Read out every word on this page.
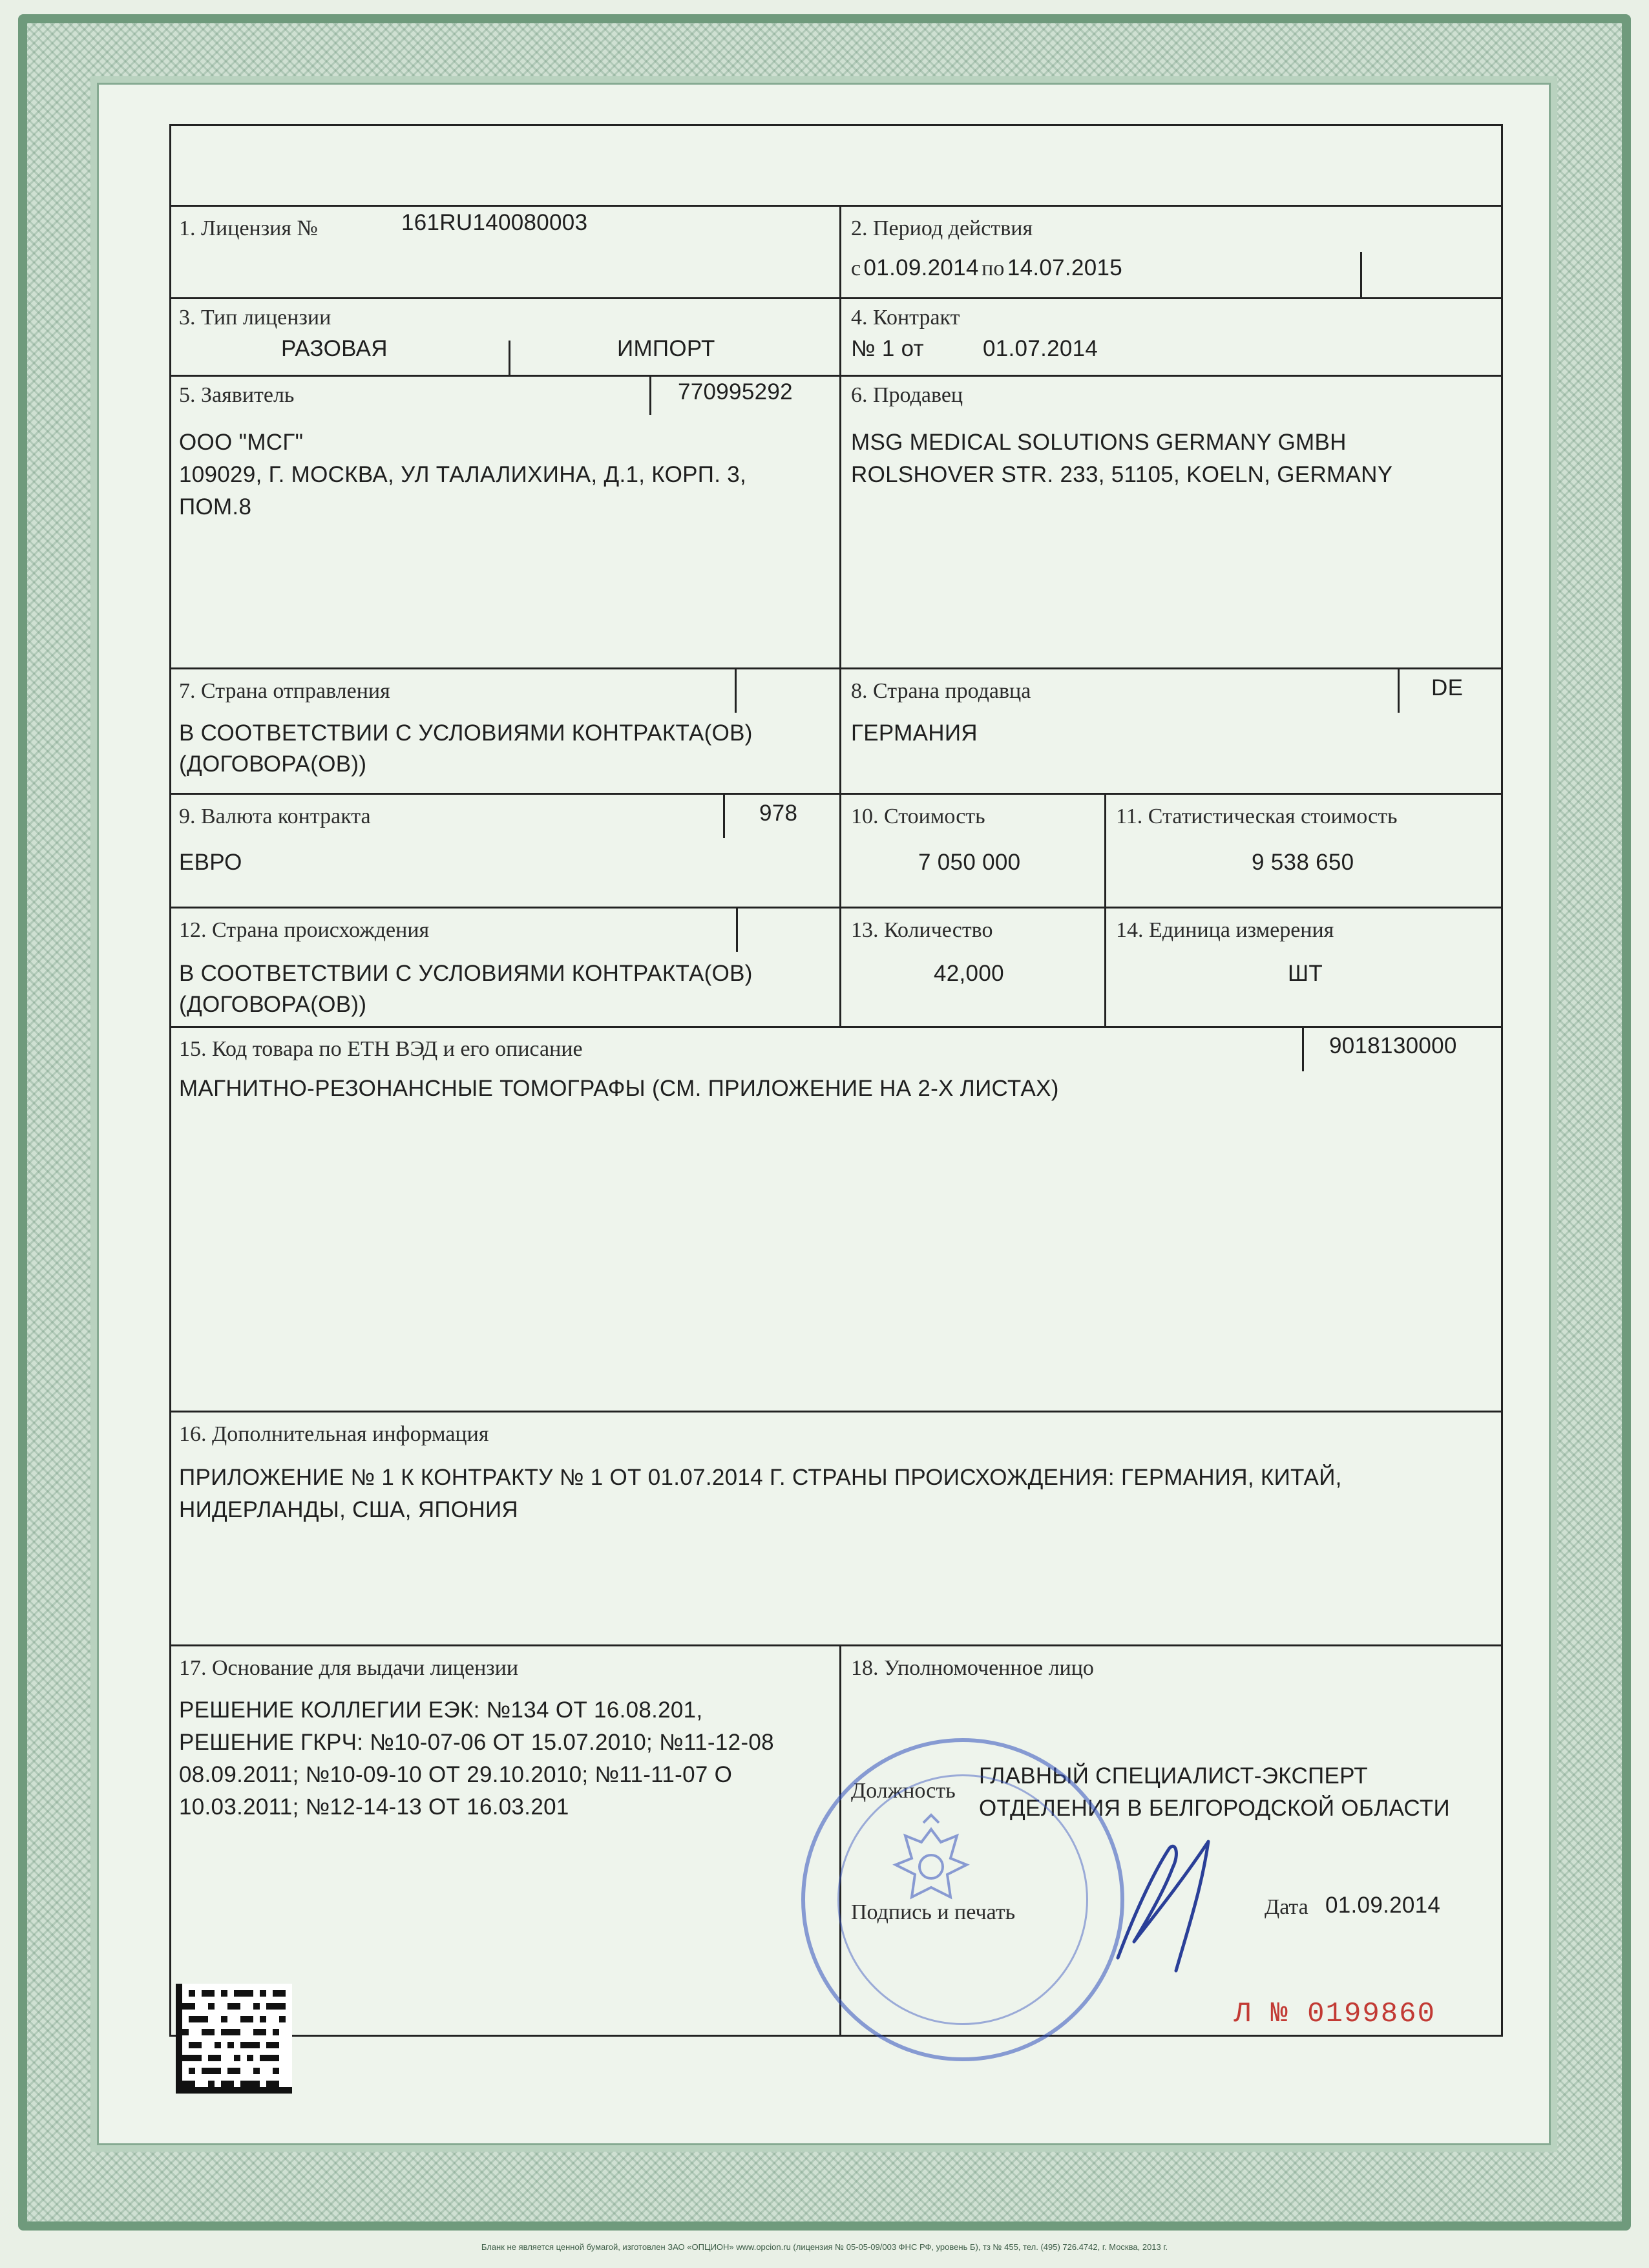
1. Лицензия №	161RU140080003	2. Период действия
с 01.09.2014 по 14.07.2015
3. Тип лицензии
РАЗОВАЯ	ИМПОРТ
4. Контракт
№ 1 от	01.07.2014
5. Заявитель	770995292
ООО "МСГ"
109029, Г. МОСКВА, УЛ ТАЛАЛИХИНА, Д.1, КОРП. 3,
ПОМ.8
6. Продавец
MSG MEDICAL SOLUTIONS GERMANY GMBH
ROLSHOVER STR. 233, 51105, KOELN, GERMANY
7. Страна отправления
В СООТВЕТСТВИИ С УСЛОВИЯМИ КОНТРАКТА(ОВ)
(ДОГОВОРА(ОВ))
8. Страна продавца	DE
ГЕРМАНИЯ
9. Валюта контракта	978
ЕВРО
10. Стоимость
7 050 000
11. Статистическая стоимость
9 538 650
12. Страна происхождения
В СООТВЕТСТВИИ С УСЛОВИЯМИ КОНТРАКТА(ОВ)
(ДОГОВОРА(ОВ))
13. Количество
42,000
14. Единица измерения
ШТ
15. Код товара по ЕТН ВЭД и его описание	9018130000
МАГНИТНО-РЕЗОНАНСНЫЕ ТОМОГРАФЫ (СМ. ПРИЛОЖЕНИЕ НА 2-Х ЛИСТАХ)
16. Дополнительная информация
ПРИЛОЖЕНИЕ № 1 К КОНТРАКТУ № 1 ОТ 01.07.2014 Г. СТРАНЫ ПРОИСХОЖДЕНИЯ: ГЕРМАНИЯ, КИТАЙ,
НИДЕРЛАНДЫ, США, ЯПОНИЯ
17. Основание для выдачи лицензии
РЕШЕНИЕ КОЛЛЕГИИ ЕЭК: №134 ОТ 16.08.201,
РЕШЕНИЕ ГКРЧ: №10-07-06 ОТ 15.07.2010; №11-12-08
08.09.2011; №10-09-10 ОТ 29.10.2010; №11-11-07 О
10.03.2011; №12-14-13 ОТ 16.03.201
18. Уполномоченное лицо
Должность
ГЛАВНЫЙ СПЕЦИАЛИСТ-ЭКСПЕРТ
ОТДЕЛЕНИЯ В БЕЛГОРОДСКОЙ ОБЛАСТИ
Подпись и печать	Дата 01.09.2014
Л № 0199860
Бланк не является ценной бумагой, изготовлен ЗАО «ОПЦИОН» www.opcion.ru (лицензия № 05-05-09/003 ФНС РФ, уровень Б), тз № 455, тел. (495) 726.4742, г. Москва, 2013 г.
